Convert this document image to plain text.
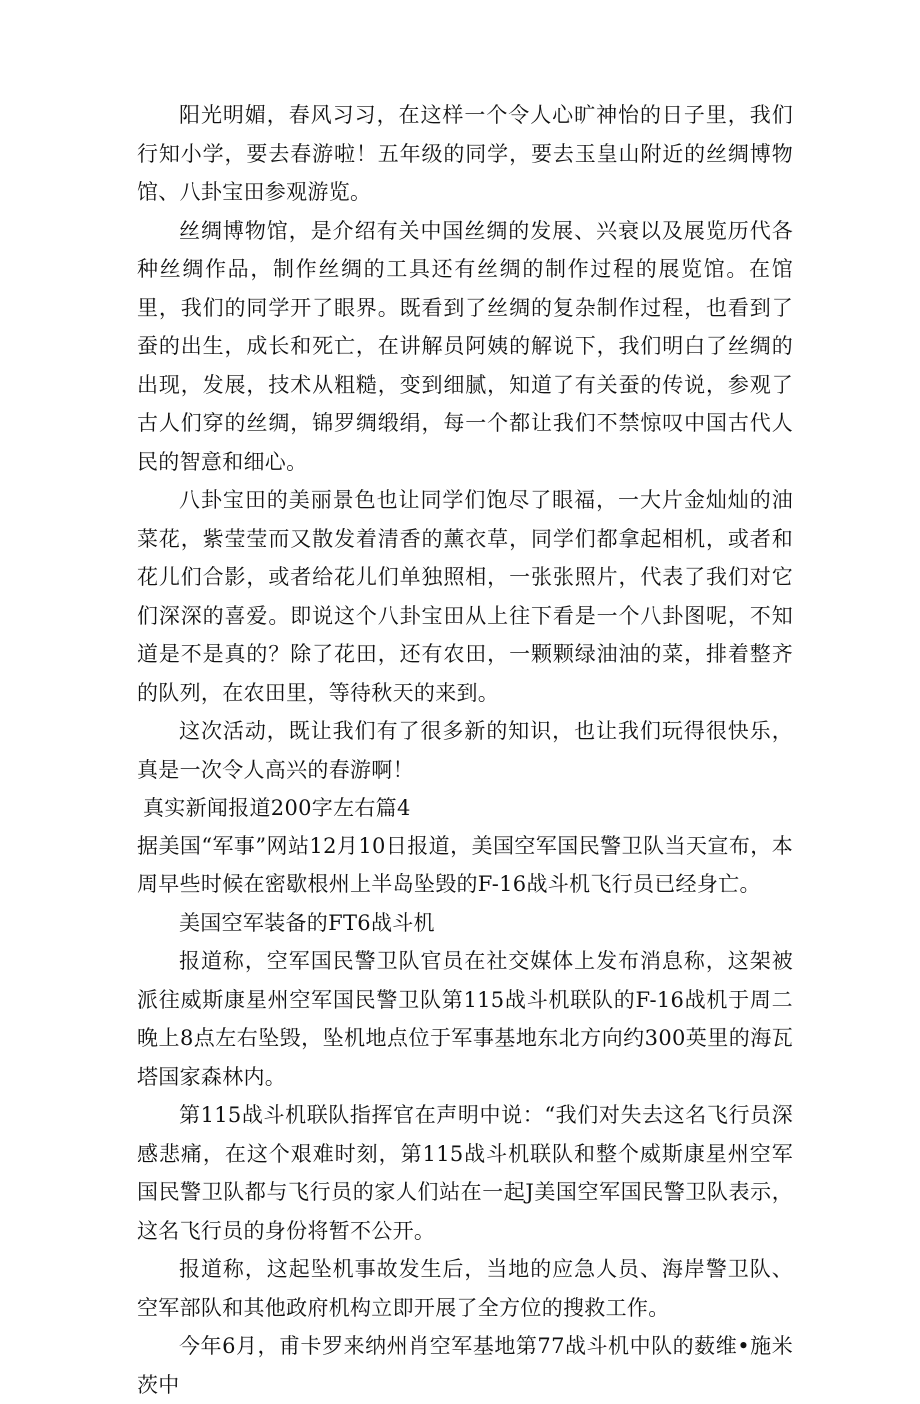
阳光明媚，春风习习，在这样一个令人心旷神怡的日子里，我们行知小学，要去春游啦！五年级的同学，要去玉皇山附近的丝绸博物馆、八卦宝田参观游览。

丝绸博物馆，是介绍有关中国丝绸的发展、兴衰以及展览历代各种丝绸作品，制作丝绸的工具还有丝绸的制作过程的展览馆。在馆里，我们的同学开了眼界。既看到了丝绸的复杂制作过程，也看到了蚕的出生，成长和死亡，在讲解员阿姨的解说下，我们明白了丝绸的出现，发展，技术从粗糙，变到细腻，知道了有关蚕的传说，参观了古人们穿的丝绸，锦罗绸缎绢，每一个都让我们不禁惊叹中国古代人民的智意和细心。

八卦宝田的美丽景色也让同学们饱尽了眼福，一大片金灿灿的油菜花，紫莹莹而又散发着清香的薰衣草，同学们都拿起相机，或者和花儿们合影，或者给花儿们单独照相，一张张照片，代表了我们对它们深深的喜爱。即说这个八卦宝田从上往下看是一个八卦图呢，不知道是不是真的？除了花田，还有农田，一颗颗绿油油的菜，排着整齐的队列，在农田里，等待秋天的来到。

这次活动，既让我们有了很多新的知识，也让我们玩得很快乐，真是一次令人高兴的春游啊！

真实新闻报道200字左右篇4

据美国“军事”网站12月10日报道，美国空军国民警卫队当天宣布，本周早些时候在密歇根州上半岛坠毁的F-16战斗机飞行员已经身亡。

美国空军装备的FT6战斗机

报道称，空军国民警卫队官员在社交媒体上发布消息称，这架被派往威斯康星州空军国民警卫队第115战斗机联队的F-16战机于周二晚上8点左右坠毁，坠机地点位于军事基地东北方向约300英里的海瓦塔国家森林内。

第115战斗机联队指挥官在声明中说：“我们对失去这名飞行员深感悲痛，在这个艰难时刻，第115战斗机联队和整个威斯康星州空军国民警卫队都与飞行员的家人们站在一起J美国空军国民警卫队表示，这名飞行员的身份将暂不公开。

报道称，这起坠机事故发生后，当地的应急人员、海岸警卫队、空军部队和其他政府机构立即开展了全方位的搜救工作。

今年6月，甫卡罗来纳州肖空军基地第77战斗机中队的薮维•施米茨中
